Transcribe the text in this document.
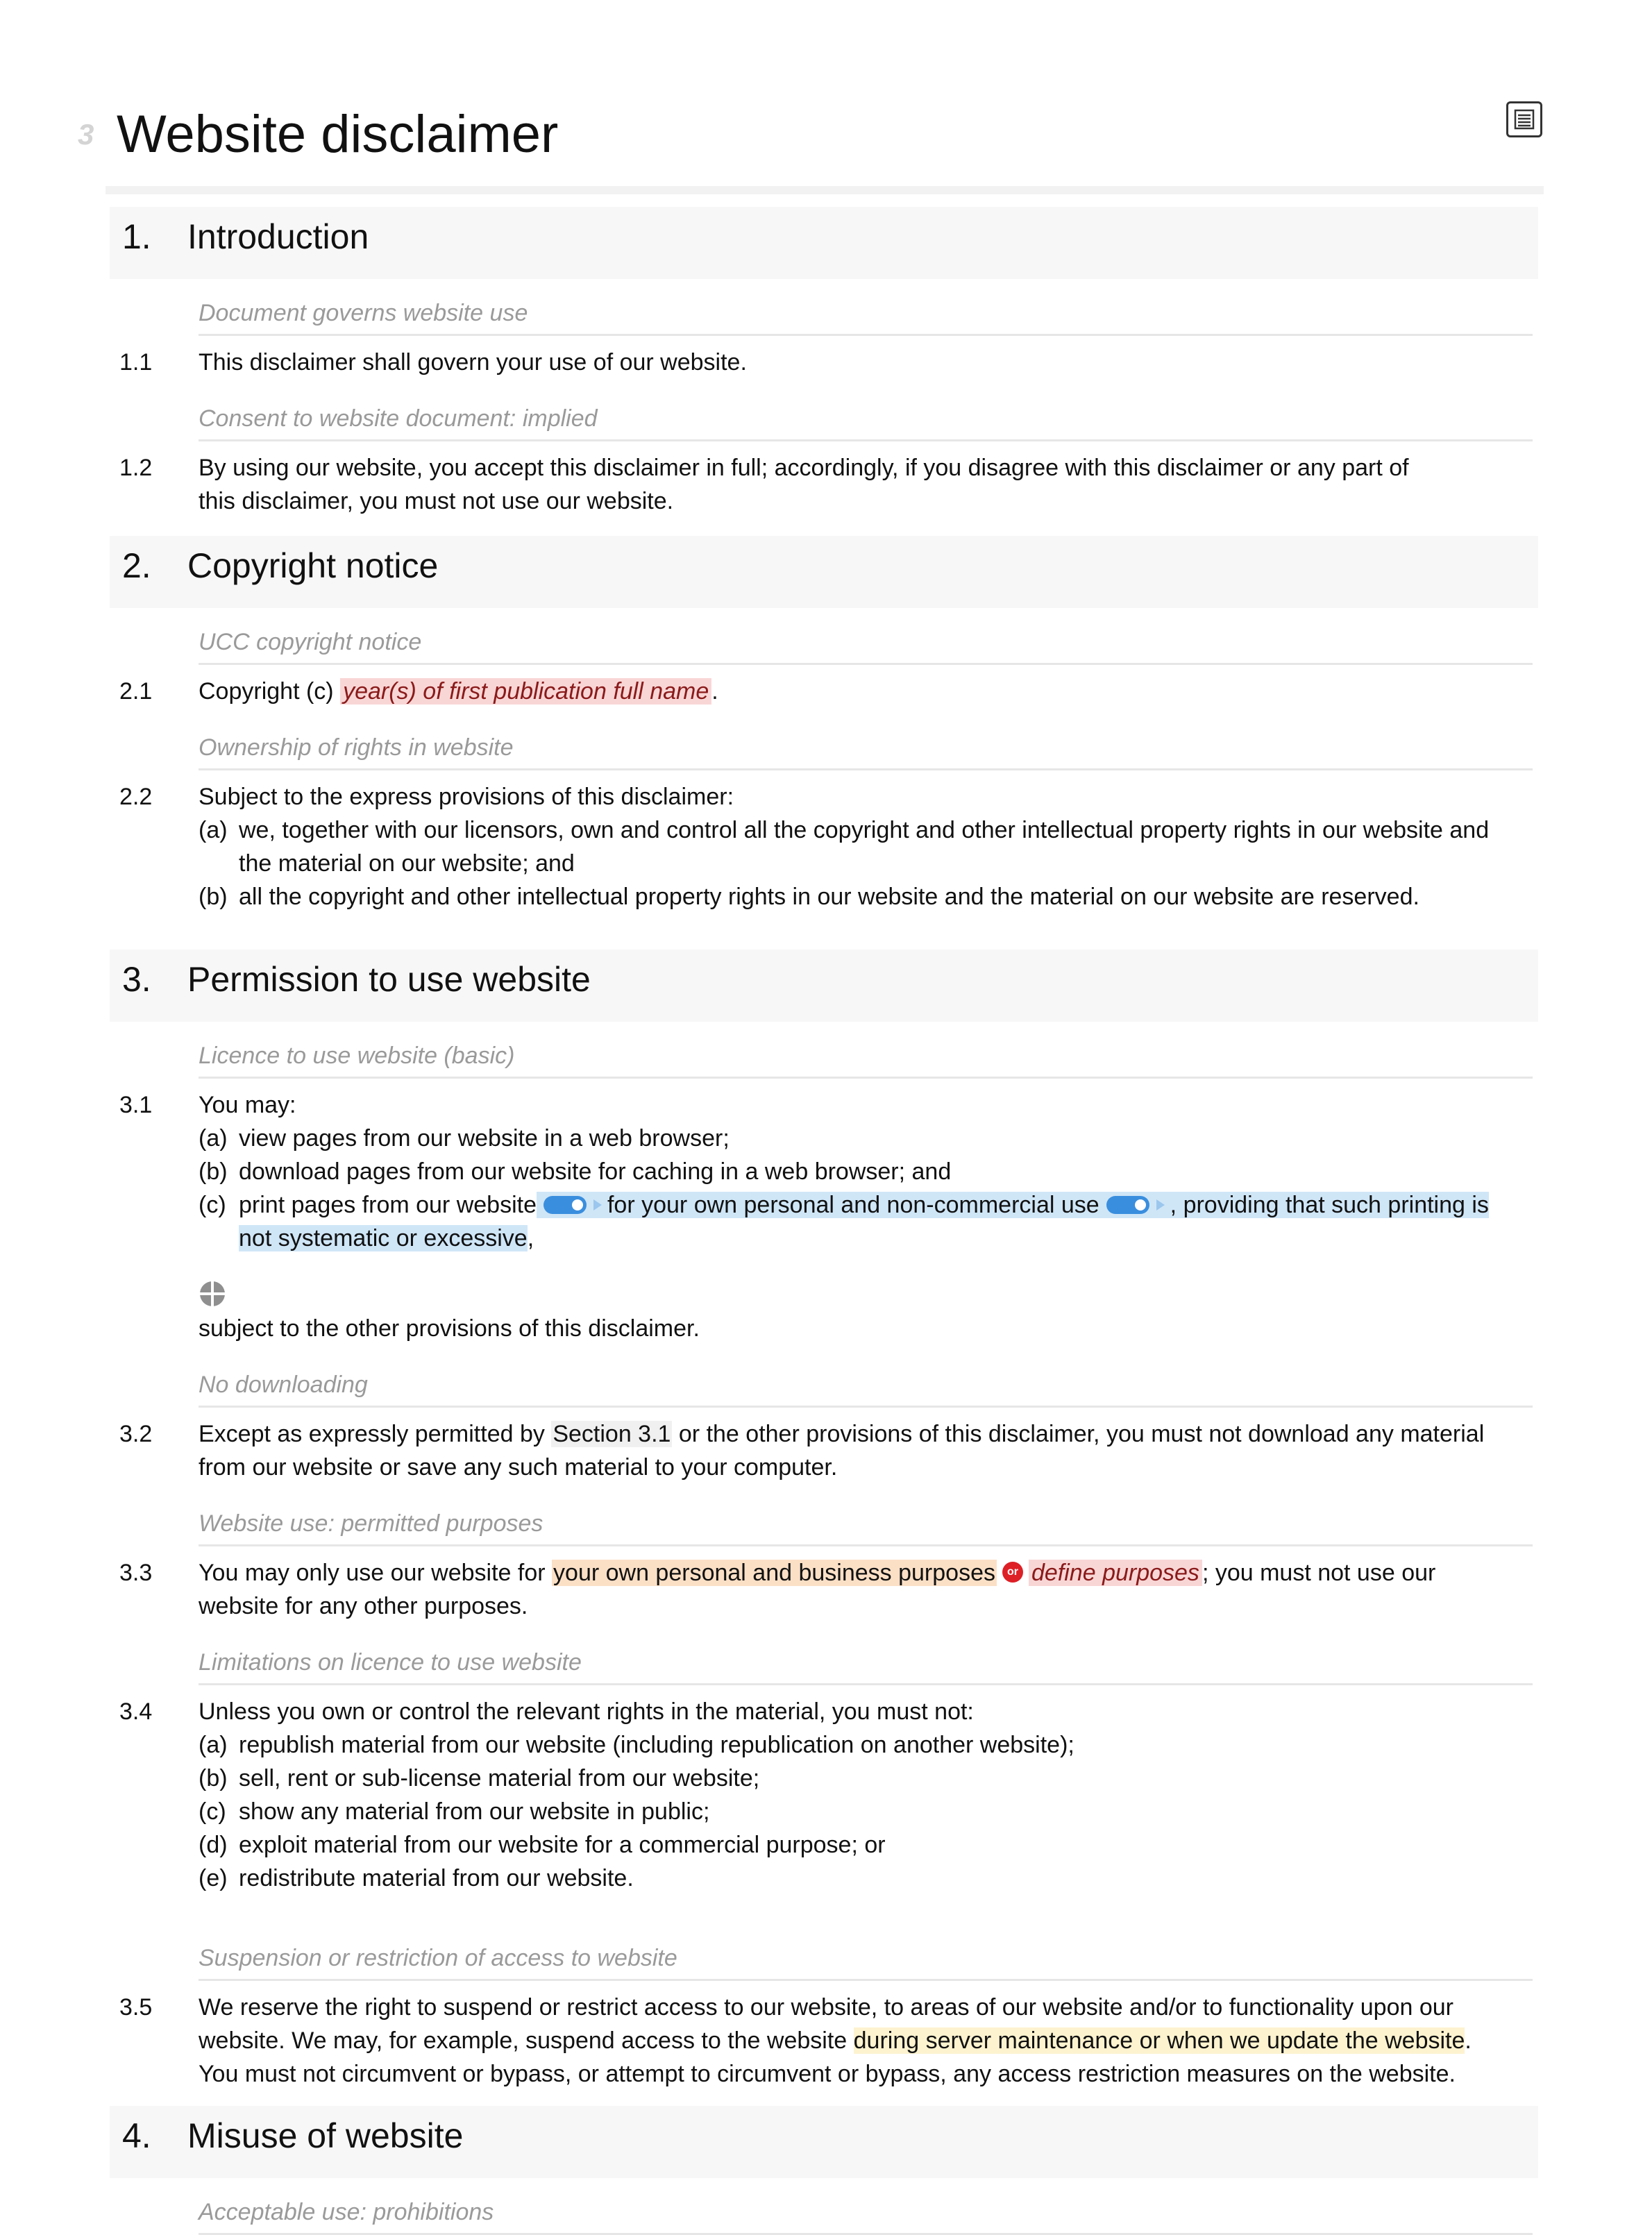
3 Website disclaimer
1. Introduction
Document governs website use
1.1 This disclaimer shall govern your use of our website.
Consent to website document: implied
1.2 By using our website, you accept this disclaimer in full; accordingly, if you disagree with this disclaimer or any part of
this disclaimer, you must not use our website.
2. Copyright notice
UCC copyright notice
2.1 Copyright (c) year(s) of first publication full name .
Ownership of rights in website
2.2 Subject to the express provisions of this disclaimer:
(a) we, together with our licensors, own and control all the copyright and other intellectual property rights in our website and the material on our website; and
(b) all the copyright and other intellectual property rights in our website and the material on our website are reserved.
3. Permission to use website
Licence to use website (basic)
3.1 You may:
(a) view pages from our website in a web browser;
(b) download pages from our website for caching in a web browser; and
(c) print pages from our website	for your own personal and non-commercial use	, providing that such printing is not systematic or excessive,
subject to the other provisions of this disclaimer.
No downloading
3.2 Except as expressly permitted by Section 3.1 or the other provisions of this disclaimer, you must not download any material from our website or save any such material to your computer.
Website use: permitted purposes
3.3 You may only use our website for your own personal and business purposes or define purposes ; you must not use our website for any other purposes.
Limitations on licence to use website
3.4 Unless you own or control the relevant rights in the material, you must not:
(a) republish material from our website (including republication on another website);
(b) sell, rent or sub-license material from our website;
(c) show any material from our website in public;
(d) exploit material from our website for a commercial purpose; or
(e) redistribute material from our website.
Suspension or restriction of access to website
3.5 We reserve the right to suspend or restrict access to our website, to areas of our website and/or to functionality upon our website. We may, for example, suspend access to the website during server maintenance or when we update the website. You must not circumvent or bypass, or attempt to circumvent or bypass, any access restriction measures on the website.
4. Misuse of website
Acceptable use: prohibitions
